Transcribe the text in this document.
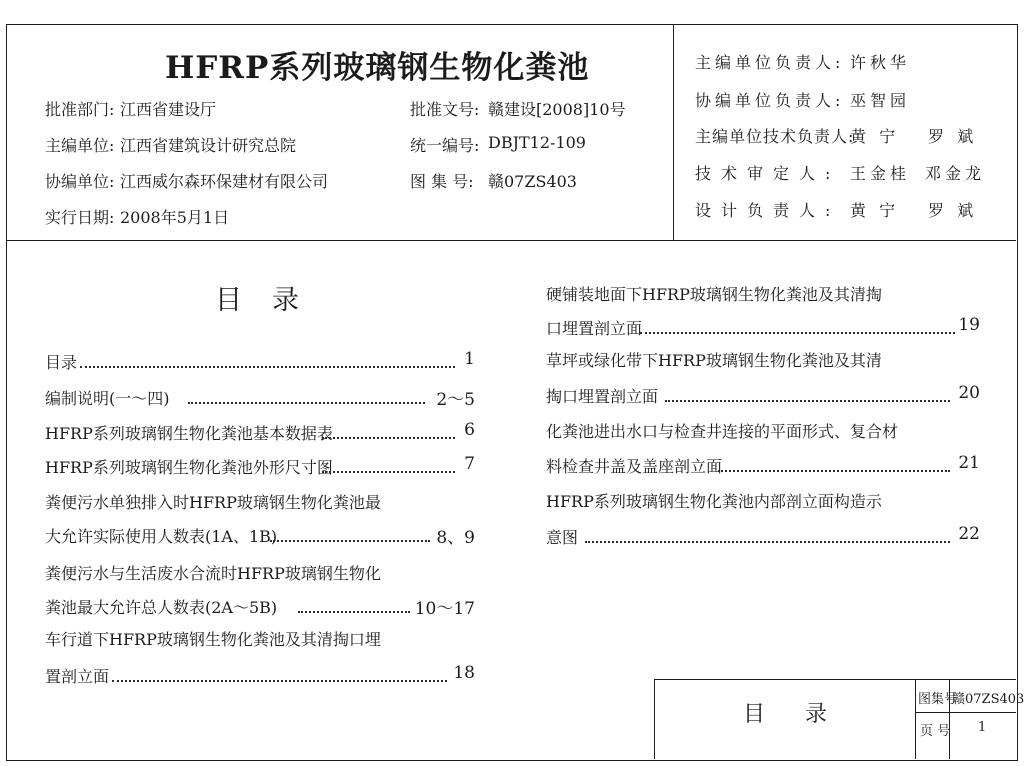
HFRP系列玻璃钢生物化粪池
批准部门: 江西省建设厅	批准文号: 赣建设[2008]10号
主编单位: 江西省建筑设计研究总院	统一编号: DBJT12-109
协编单位: 江西威尔森环保建材有限公司	图 集 号: 赣07ZS403
实行日期: 2008年5月1日
主编单位负责人: 许秋华
协编单位负责人: 巫智园
主编单位技术负责人:
黄 宁 罗 斌
技术审定人: 王金桂 邓金龙
设计负责人: 黄 宁 罗 斌
目录
目录	1
编制说明(一～四)	2～5
HFRP系列玻璃钢生物化粪池基本数据表	6
HFRP系列玻璃钢生物化粪池外形尺寸图	7
粪便污水单独排入时HFRP玻璃钢生物化粪池最
大允许实际使用人数表(1A、1B)	8、9
粪便污水与生活废水合流时HFRP玻璃钢生物化
粪池最大允许总人数表(2A～5B)	10～17
车行道下HFRP玻璃钢生物化粪池及其清掏口埋
置剖立面	18
硬铺装地面下HFRP玻璃钢生物化粪池及其清掏
口埋置剖立面	19
草坪或绿化带下HFRP玻璃钢生物化粪池及其清
掏口埋置剖立面	20
化粪池进出水口与检查井连接的平面形式、复合材
料检查井盖及盖座剖立面	21
HFRP系列玻璃钢生物化粪池内部剖立面构造示
意图	22
目录
图集号
赣07ZS403
页 号 1
